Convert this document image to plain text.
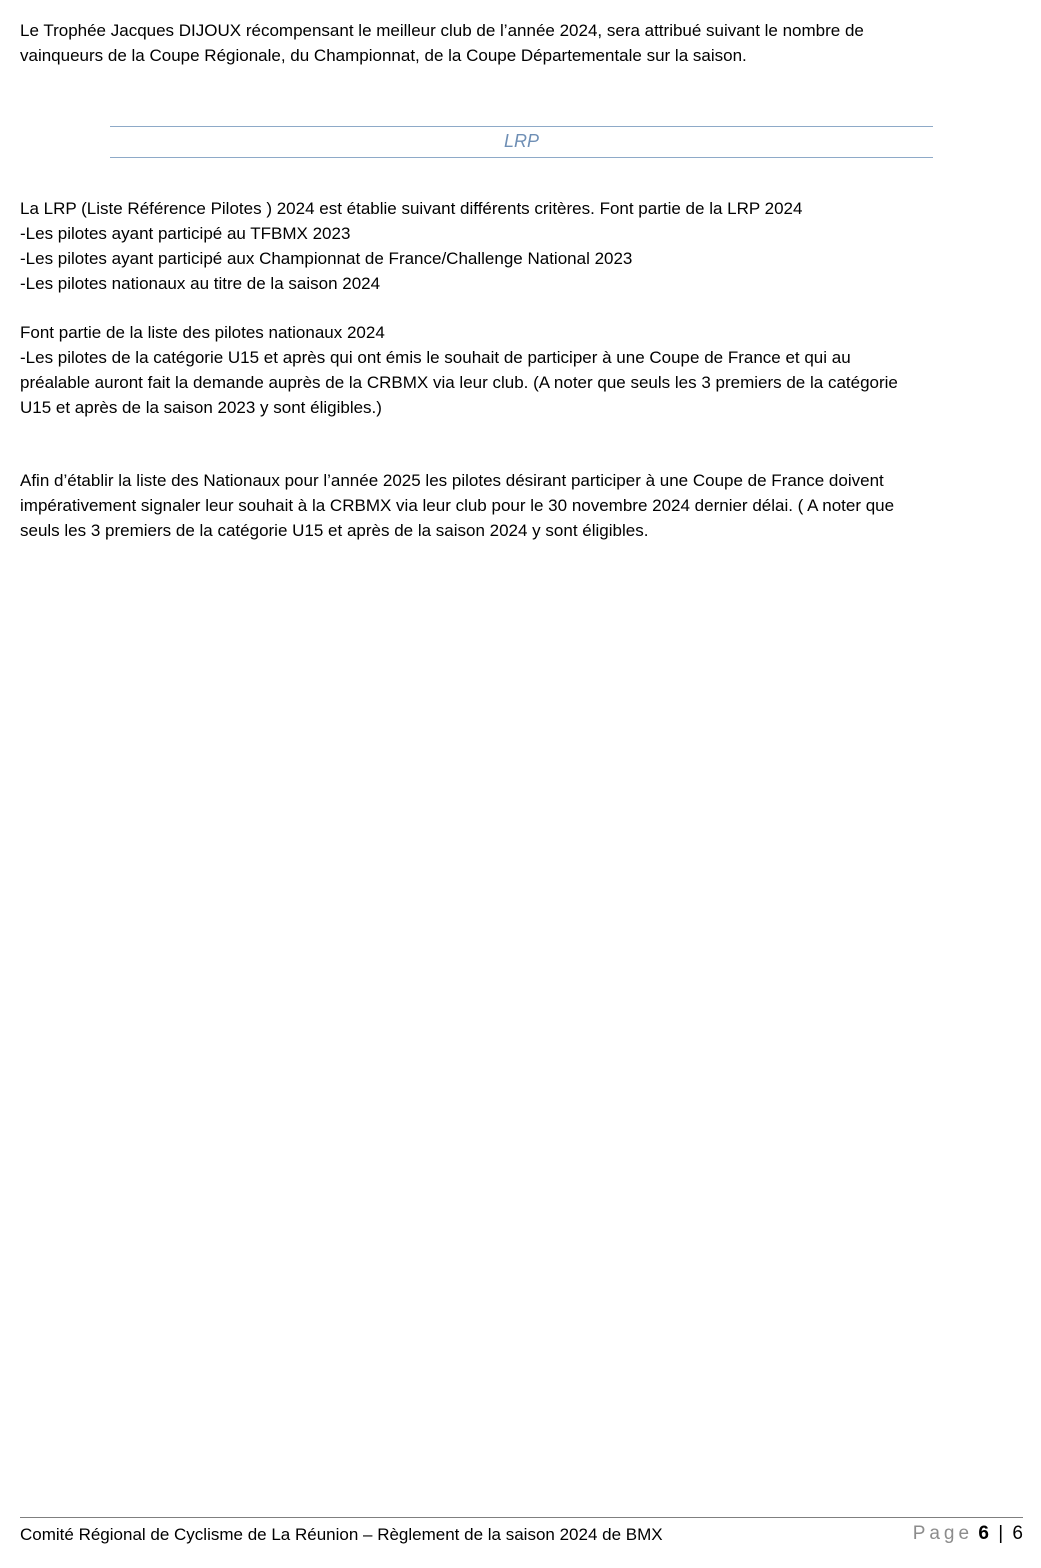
Le Trophée Jacques DIJOUX récompensant le meilleur club de l’année 2024, sera attribué suivant le nombre de
vainqueurs de la Coupe Régionale, du Championnat, de la Coupe Départementale sur la saison.

LRP

La LRP (Liste Référence Pilotes ) 2024 est établie suivant différents critères. Font partie de la LRP 2024
-Les pilotes ayant participé au TFBMX 2023
-Les pilotes ayant participé aux Championnat de France/Challenge National 2023
-Les pilotes nationaux au titre de la saison 2024

Font partie de la liste des pilotes nationaux 2024
-Les pilotes de la catégorie U15 et après qui ont émis le souhait de participer à une Coupe de France et qui au
préalable auront fait la demande auprès de la CRBMX via leur club. (A noter que seuls les 3 premiers de la catégorie
U15 et après de la saison 2023 y sont éligibles.)

Afin d’établir la liste des Nationaux pour l’année 2025 les pilotes désirant participer à une Coupe de France doivent
impérativement signaler leur souhait à la CRBMX via leur club pour le 30 novembre 2024 dernier délai. ( A noter que
seuls les 3 premiers de la catégorie U15 et après de la saison 2024 y sont éligibles.

Comité Régional de Cyclisme de La Réunion – Règlement de la saison 2024 de BMX	Page 6 | 6
